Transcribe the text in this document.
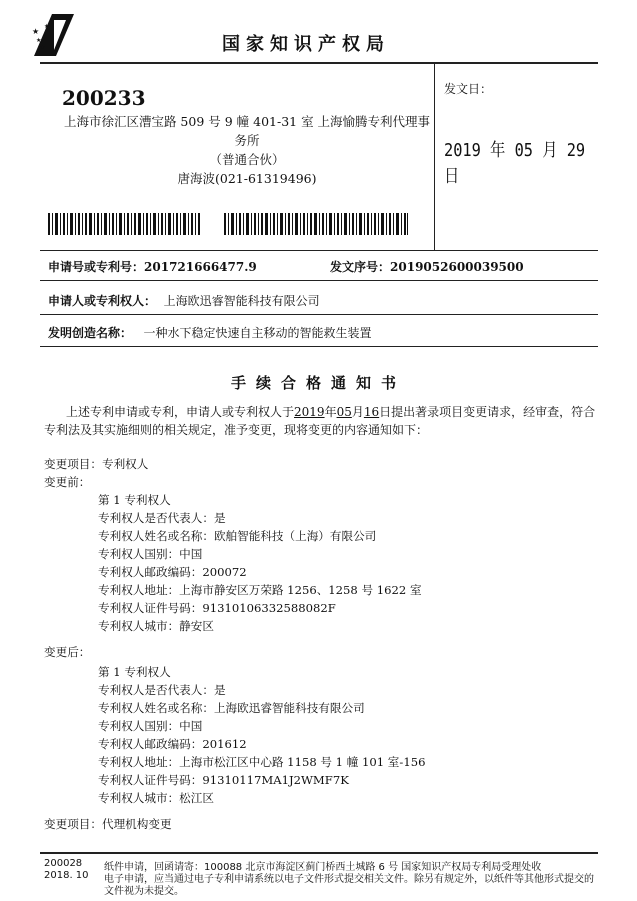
★
★
★
★
国家知识产权局
200233
上海市徐汇区漕宝路 509 号 9 幢 401-31 室 上海愉腾专利代理事务所
（普通合伙）
唐海波(021-61319496)
发文日：
2019 年 05 月 29 日
申请号或专利号：201721666477.9	发文序号：2019052600039500
申请人或专利权人： 上海欧迅睿智能科技有限公司
发明创造名称： 一种水下稳定快速自主移动的智能救生装置
手续合格通知书
上述专利申请或专利，申请人或专利权人于2019年05月16日提出著录项目变更请求，经审查，符合专利法及其实施细则的相关规定，准予变更，现将变更的内容通知如下：
变更项目：专利权人
变更前：
第 1 专利权人
专利权人是否代表人：是
专利权人姓名或名称：欧舶智能科技（上海）有限公司
专利权人国别：中国
专利权人邮政编码：200072
专利权人地址：上海市静安区万荣路 1256、1258 号 1622 室
专利权人证件号码：91310106332588082F
专利权人城市：静安区
变更后：
第 1 专利权人
专利权人是否代表人：是
专利权人姓名或名称：上海欧迅睿智能科技有限公司
专利权人国别：中国
专利权人邮政编码：201612
专利权人地址：上海市松江区中心路 1158 号 1 幢 101 室-156
专利权人证件号码：91310117MA1J2WMF7K
专利权人城市：松江区
变更项目：代理机构变更
200028
2018. 10
纸件申请，回函请寄：100088 北京市海淀区蓟门桥西土城路 6 号 国家知识产权局专利局受理处收
电子申请，应当通过电子专利申请系统以电子文件形式提交相关文件。除另有规定外，以纸件等其他形式提交的
文件视为未提交。
